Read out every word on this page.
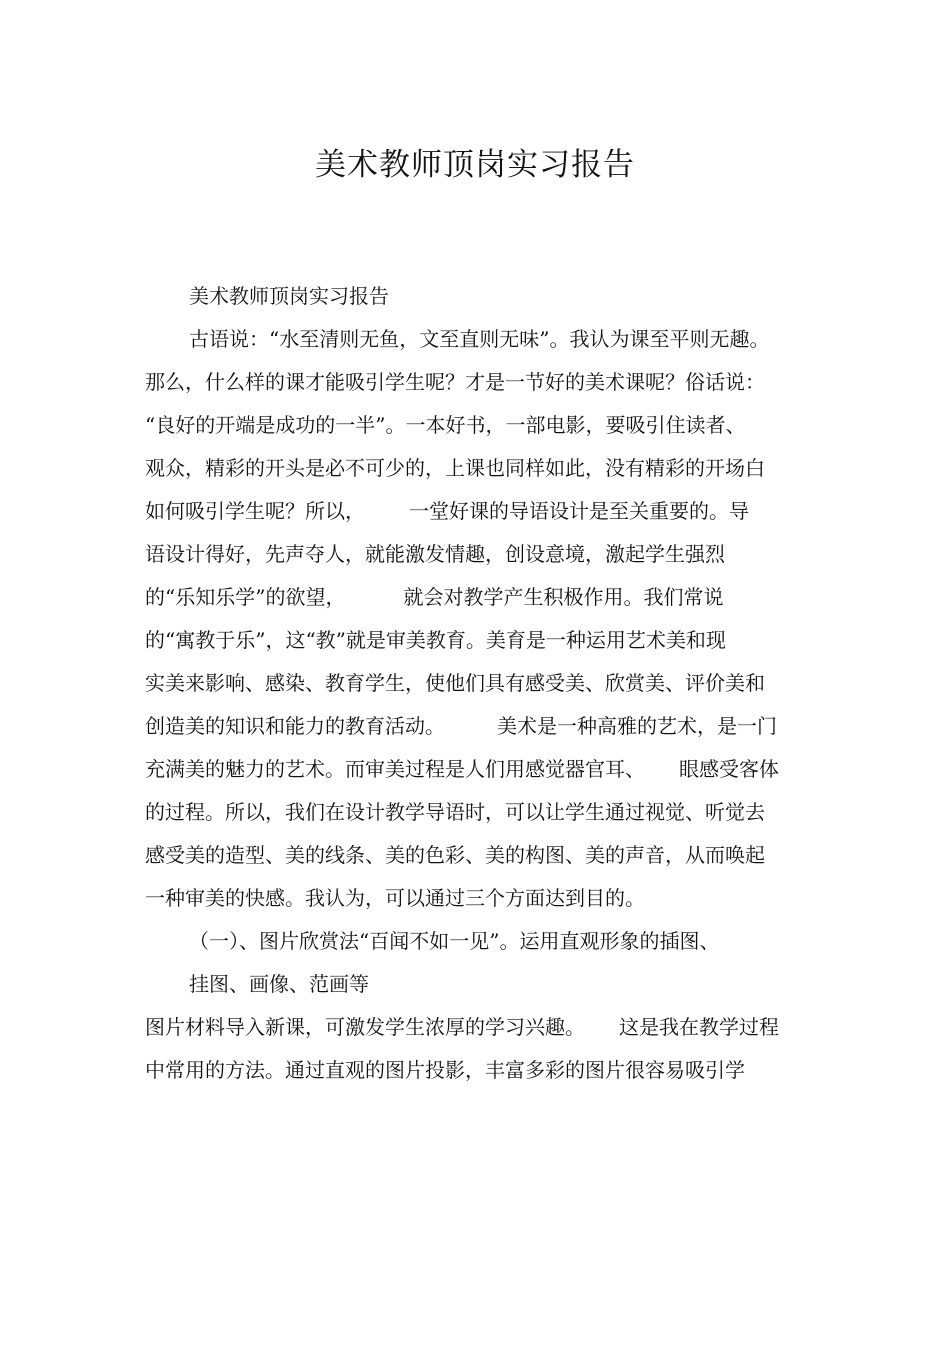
美术教师顶岗实习报告
美术教师顶岗实习报告
古语说：“水至清则无鱼，文至直则无味”。我认为课至平则无趣。
那么，什么样的课才能吸引学生呢？才是一节好的美术课呢？俗话说：
“良好的开端是成功的一半”。一本好书，一部电影，要吸引住读者、
观众，精彩的开头是必不可少的，上课也同样如此，没有精彩的开场白
如何吸引学生呢？所以， 一堂好课的导语设计是至关重要的。导
语设计得好，先声夺人，就能激发情趣，创设意境，激起学生强烈
的“乐知乐学”的欲望，	就会对教学产生积极作用。我们常说
的“寓教于乐”，这“教”就是审美教育。美育是一种运用艺术美和现
实美来影响、感染、教育学生，使他们具有感受美、欣赏美、评价美和
创造美的知识和能力的教育活动。	美术是一种高雅的艺术，是一门
充满美的魅力的艺术。而审美过程是人们用感觉器官耳、 眼感受客体
的过程。所以，我们在设计教学导语时，可以让学生通过视觉、听觉去
感受美的造型、美的线条、美的色彩、美的构图、美的声音，从而唤起
一种审美的快感。我认为，可以通过三个方面达到目的。
（一）、图片欣赏法“百闻不如一见”。运用直观形象的插图、
挂图、画像、范画等
图片材料导入新课，可激发学生浓厚的学习兴趣。 这是我在教学过程
中常用的方法。通过直观的图片投影，丰富多彩的图片很容易吸引学
